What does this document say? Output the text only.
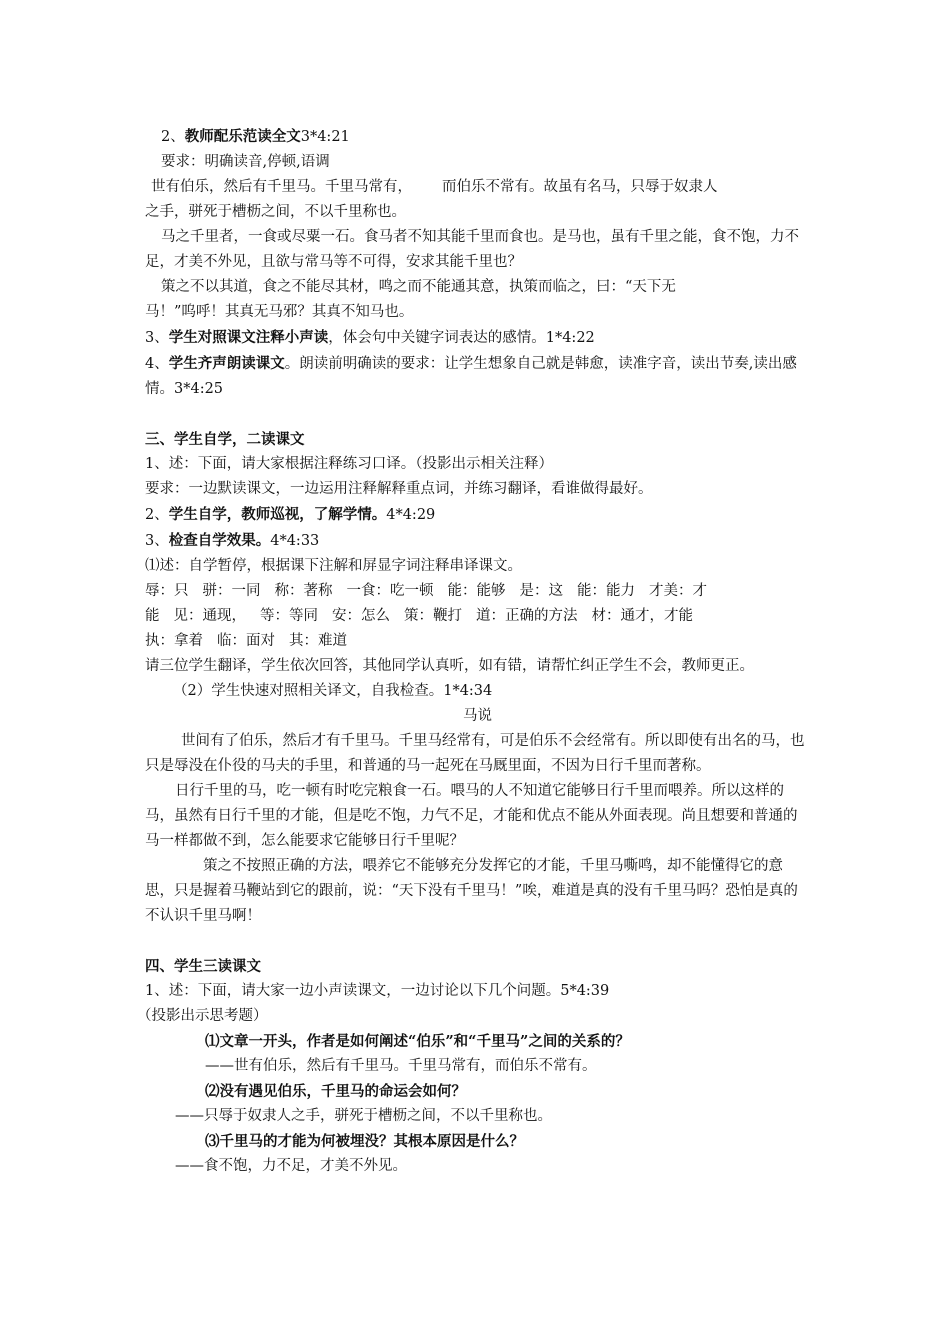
2、教师配乐范读全文3*4:21
要求：明确读音,停顿,语调
世有伯乐，然后有千里马。千里马常有， 而伯乐不常有。故虽有名马，只辱于奴隶人
之手，骈死于槽枥之间，不以千里称也。
马之千里者，一食或尽粟一石。食马者不知其能千里而食也。是马也，虽有千里之能，食不饱，力不足，才美不外见，且欲与常马等不可得，安求其能千里也？
策之不以其道，食之不能尽其材，鸣之而不能通其意，执策而临之，曰：“天下无
马！”呜呼！其真无马邪？其真不知马也。
3、学生对照课文注释小声读，体会句中关键字词表达的感情。1*4:22
4、学生齐声朗读课文。朗读前明确读的要求：让学生想象自己就是韩愈，读准字音，读出节奏,读出感情。3*4:25
三、学生自学，二读课文
1、述：下面，请大家根据注释练习口译。（投影出示相关注释）
要求：一边默读课文，一边运用注释解释重点词，并练习翻译，看谁做得最好。
2、学生自学，教师巡视，了解学情。4*4:29
3、检查自学效果。4*4:33
⑴述：自学暂停，根据课下注解和屏显字词注释串译课文。
辱：只 骈：一同 称：著称 一食：吃一顿 能：能够 是：这 能：能力 才美：才
能 见：通现， 等：等同 安：怎么 策：鞭打 道：正确的方法 材：通才，才能
执：拿着 临：面对 其：难道
请三位学生翻译，学生依次回答，其他同学认真听，如有错，请帮忙纠正学生不会，教师更正。
（2）学生快速对照相关译文，自我检查。1*4:34
马说
世间有了伯乐，然后才有千里马。千里马经常有，可是伯乐不会经常有。所以即使有出名的马，也只是辱没在仆役的马夫的手里，和普通的马一起死在马厩里面，不因为日行千里而著称。
日行千里的马，吃一顿有时吃完粮食一石。喂马的人不知道它能够日行千里而喂养。所以这样的马，虽然有日行千里的才能，但是吃不饱，力气不足，才能和优点不能从外面表现。尚且想要和普通的马一样都做不到，怎么能要求它能够日行千里呢？
策之不按照正确的方法，喂养它不能够充分发挥它的才能，千里马嘶鸣，却不能懂得它的意思，只是握着马鞭站到它的跟前，说：“天下没有千里马！”唉，难道是真的没有千里马吗？恐怕是真的不认识千里马啊！
四、学生三读课文
1、述：下面，请大家一边小声读课文，一边讨论以下几个问题。5*4:39
（投影出示思考题）
⑴文章一开头，作者是如何阐述“伯乐”和“千里马”之间的关系的？
——世有伯乐，然后有千里马。千里马常有，而伯乐不常有。
⑵没有遇见伯乐，千里马的命运会如何？
——只辱于奴隶人之手，骈死于槽枥之间，不以千里称也。
⑶千里马的才能为何被埋没？其根本原因是什么？
——食不饱，力不足，才美不外见。
